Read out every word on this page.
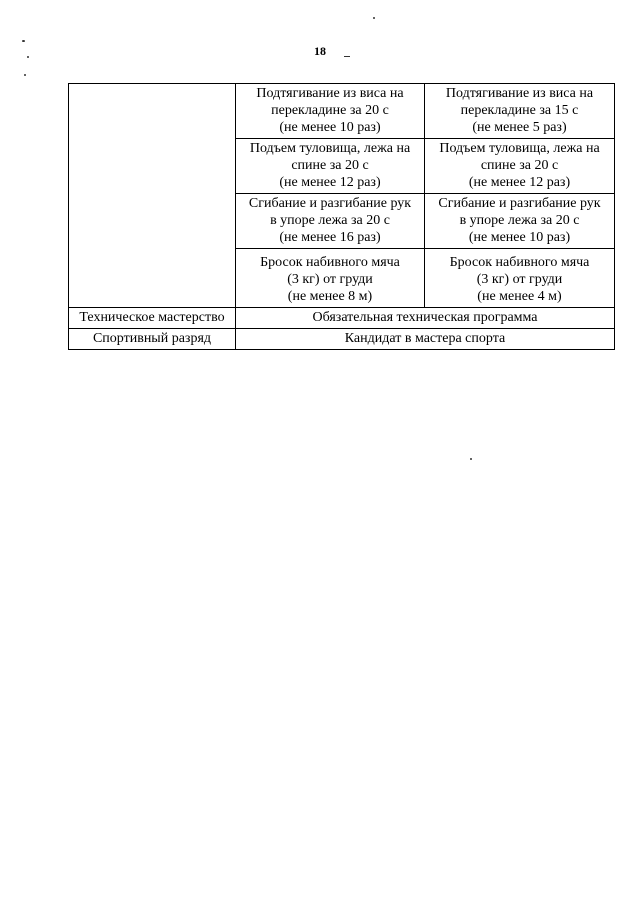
18

	Подтягивание из виса на
перекладине за 20 с
(не менее 10 раз)	Подтягивание из виса на
перекладине за 15 с
(не менее 5 раз)

	Подъем туловища, лежа на
спине за 20 с
(не менее 12 раз)	Подъем туловища, лежа на
спине за 20 с
(не менее 12 раз)

	Сгибание и разгибание рук
в упоре лежа за 20 с
(не менее 16 раз)	Сгибание и разгибание рук
в упоре лежа за 20 с
(не менее 10 раз)

	Бросок набивного мяча
(3 кг) от груди
(не менее 8 м)	Бросок набивного мяча
(3 кг) от груди
(не менее 4 м)

Техническое мастерство	Обязательная техническая программа	
Спортивный разряд	Кандидат в мастера спорта	
